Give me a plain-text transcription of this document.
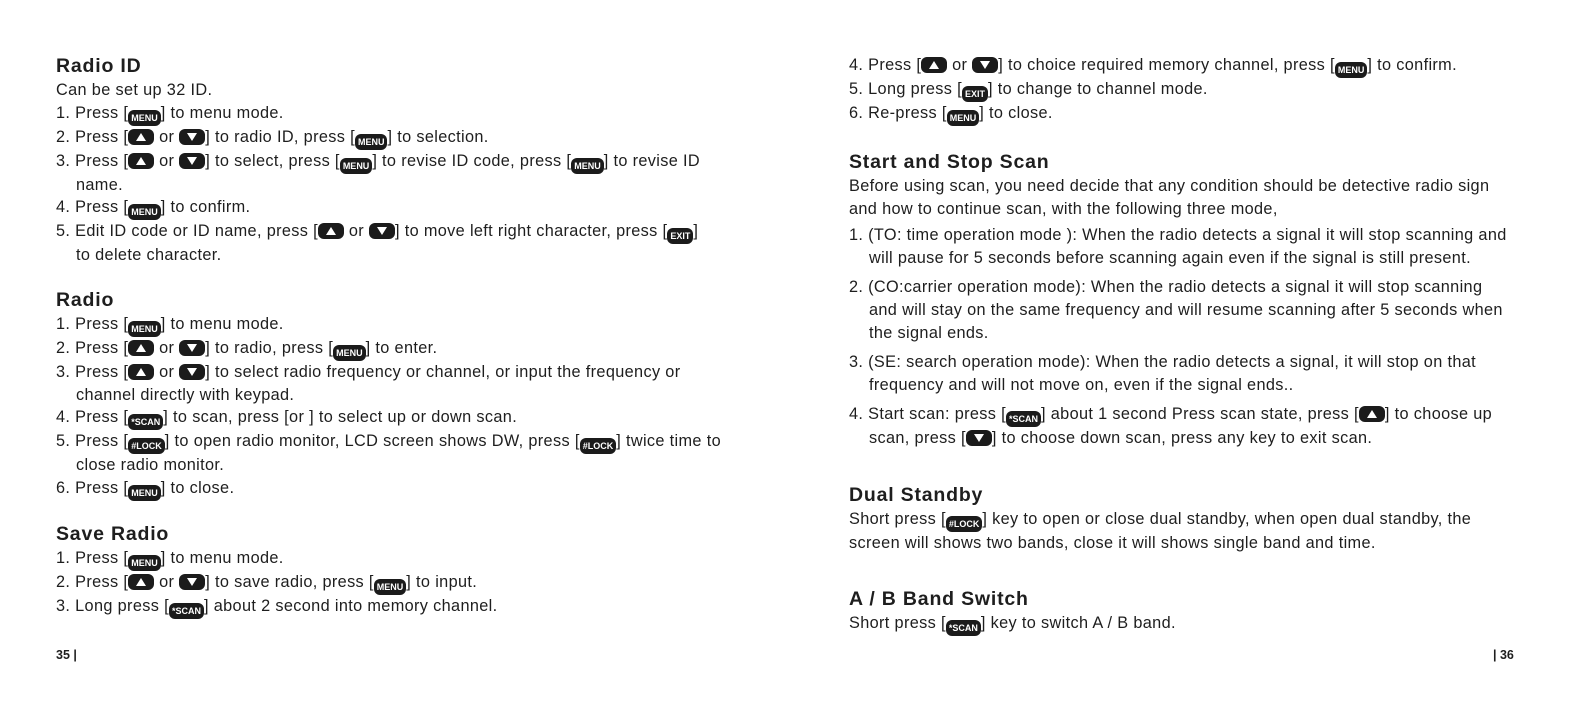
Radio ID

Can be set up 32 ID.

1. Press [ MENU ] to menu mode.
2. Press [
or
] to radio ID, press [ MENU ] to selection.
3. Press [
or
] to select, press [ MENU ] to revise ID code, press [ MENU ] to revise ID
name.
4. Press [ MENU ] to confirm.
5. Edit ID code or ID name, press [
or
] to move left right character, press [ EXIT ]
to delete character.
Radio
1. Press [ MENU ] to menu mode.
2. Press [
or
] to radio, press [ MENU ] to enter.
3. Press [
or
] to select radio frequency or channel, or input the frequency or
channel directly with keypad.
4. Press [ *SCAN ] to scan, press [or ] to select up or down scan.
5. Press [ #LOCK ] to open radio monitor, LCD screen shows DW, press [ #LOCK ] twice time to
close radio monitor.
6. Press [ MENU ] to close.
Save Radio
1. Press [ MENU ] to menu mode.
2. Press [
or
] to save radio, press [ MENU ] to input.
3. Long press [ *SCAN ] about 2 second into memory channel.
35 |
4. Press [
or
] to choice required memory channel, press [ MENU ] to confirm.
5. Long press [ EXIT ] to change to channel mode.
6. Re-press [ MENU ] to close.
Start and Stop Scan

Before using scan, you need decide that any condition should be detective radio sign

and how to continue scan, with the following three mode,

1. (TO: time operation mode ): When the radio detects a signal it will stop scanning and
will pause for 5 seconds before scanning again even if the signal is still present.
2. (CO:carrier operation mode): When the radio detects a signal it will stop scanning
and will stay on the same frequency and will resume scanning after 5 seconds when
the signal ends.
3. (SE: search operation mode): When the radio detects a signal, it will stop on that
frequency and will not move on, even if the signal ends..
4. Start scan: press [ *SCAN ] about 1 second Press scan state, press [ ] to choose up
scan, press [ ] to choose down scan, press any key to exit scan.
Dual Standby
Short press [ #LOCK ] key to open or close dual standby, when open dual standby, the
screen will shows two bands, close it will shows single band and time.
A / B Band Switch
Short press [ *SCAN ] key to switch A / B band.
| 36
